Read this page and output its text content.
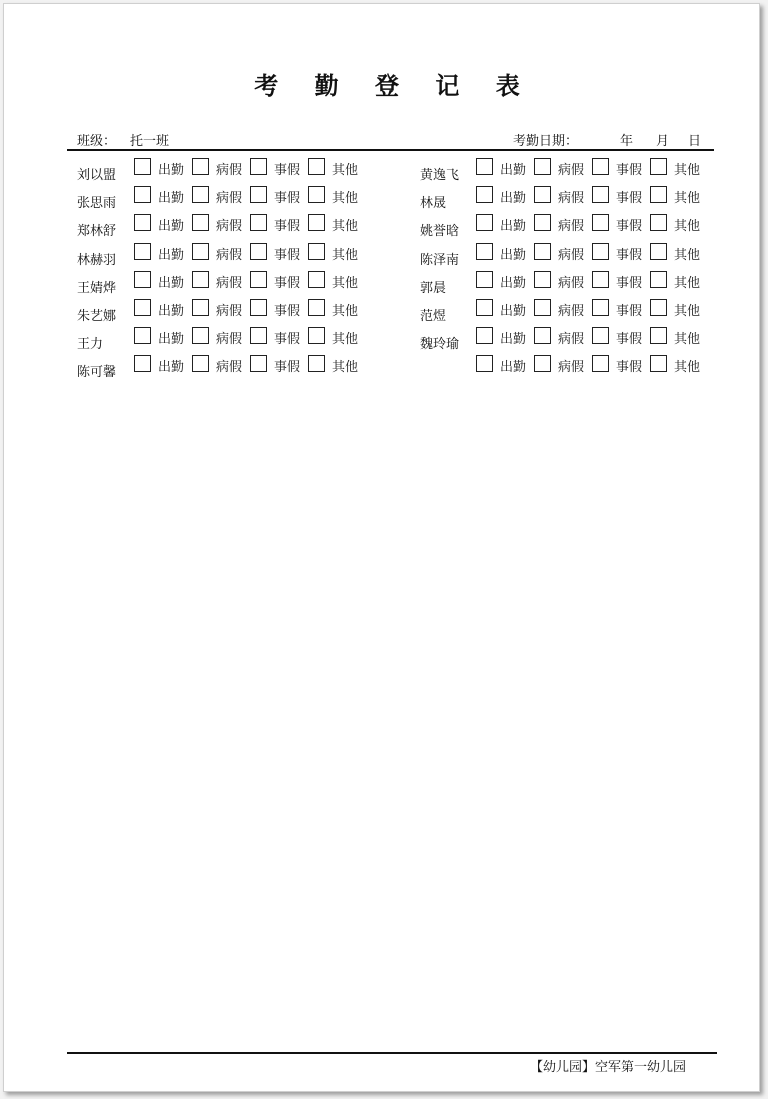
考 勤 登 记 表
班级： 托一班	考勤日期：	年 月 日
刘以盟	出勤 病假 事假 其他
张思雨	出勤 病假 事假 其他
郑林舒	出勤 病假 事假 其他
林赫羽	出勤 病假 事假 其他
王婧烨	出勤 病假 事假 其他
朱艺娜	出勤 病假 事假 其他
王力	出勤 病假 事假 其他
陈可馨	出勤 病假 事假 其他
黄逸飞	出勤 病假 事假 其他
林晟	出勤 病假 事假 其他
姚誉晗	出勤 病假 事假 其他
陈泽南	出勤 病假 事假 其他
郭晨	出勤 病假 事假 其他
范煜	出勤 病假 事假 其他
魏玲瑜	出勤 病假 事假 其他
出勤 病假 事假 其他
【幼儿园】空军第一幼儿园
